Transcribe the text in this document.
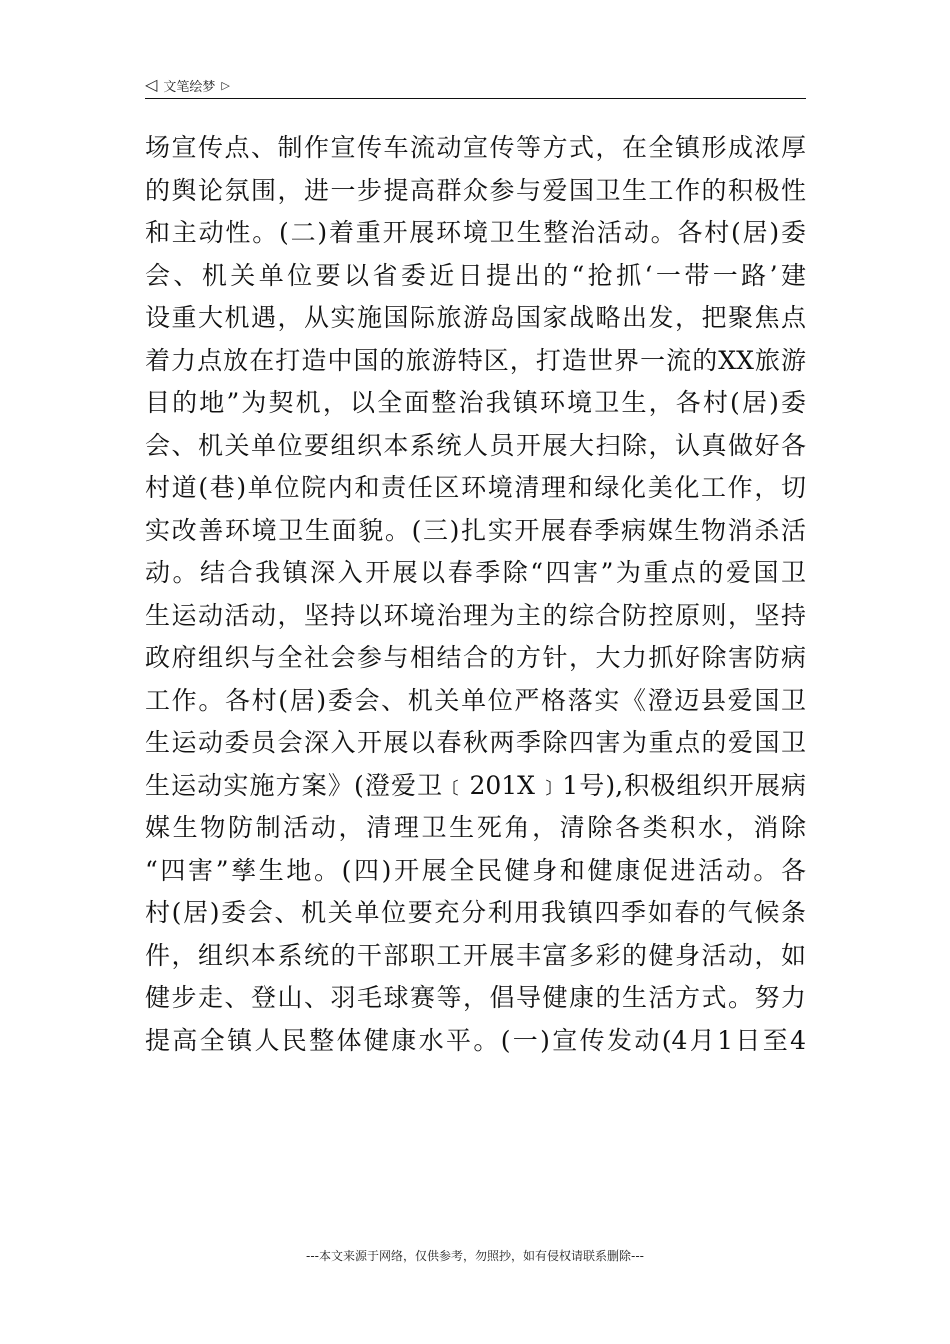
◁ 文笔绘梦 ▷
场宣传点、制作宣传车流动宣传等方式，在全镇形成浓厚
的舆论氛围，进一步提高群众参与爱国卫生工作的积极性
和主动性。(二)着重开展环境卫生整治活动。各村(居)委
会、机关单位要以省委近日提出的“抢抓‘一带一路’建
设重大机遇，从实施国际旅游岛国家战略出发，把聚焦点
着力点放在打造中国的旅游特区，打造世界一流的XX旅游
目的地”为契机，以全面整治我镇环境卫生，各村(居)委
会、机关单位要组织本系统人员开展大扫除，认真做好各
村道(巷)单位院内和责任区环境清理和绿化美化工作，切
实改善环境卫生面貌。(三)扎实开展春季病媒生物消杀活
动。结合我镇深入开展以春季除“四害”为重点的爱国卫
生运动活动，坚持以环境治理为主的综合防控原则，坚持
政府组织与全社会参与相结合的方针，大力抓好除害防病
工作。各村(居)委会、机关单位严格落实《澄迈县爱国卫
生运动委员会深入开展以春秋两季除四害为重点的爱国卫
生运动实施方案》(澄爱卫﹝201X﹞1号),积极组织开展病
媒生物防制活动，清理卫生死角，清除各类积水，消除
“四害”孳生地。(四)开展全民健身和健康促进活动。各
村(居)委会、机关单位要充分利用我镇四季如春的气候条
件，组织本系统的干部职工开展丰富多彩的健身活动，如
健步走、登山、羽毛球赛等，倡导健康的生活方式。努力
提高全镇人民整体健康水平。(一)宣传发动(4月1日至4
---本文来源于网络，仅供参考，勿照抄，如有侵权请联系删除---
